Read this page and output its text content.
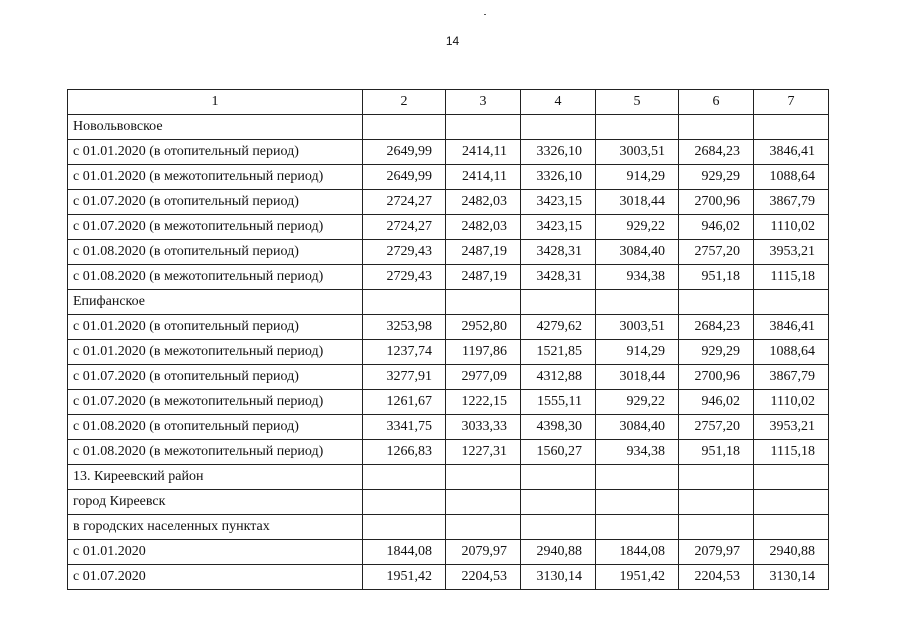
14
1	2	3	4	5	6	7
Новольвовское						
с 01.01.2020 (в отопительный период)	2649,99	2414,11	3326,10	3003,51	2684,23	3846,41
с 01.01.2020 (в межотопительный период)	2649,99	2414,11	3326,10	914,29	929,29	1088,64
с 01.07.2020 (в отопительный период)	2724,27	2482,03	3423,15	3018,44	2700,96	3867,79
с 01.07.2020 (в межотопительный период)	2724,27	2482,03	3423,15	929,22	946,02	1110,02
с 01.08.2020 (в отопительный период)	2729,43	2487,19	3428,31	3084,40	2757,20	3953,21
с 01.08.2020 (в межотопительный период)	2729,43	2487,19	3428,31	934,38	951,18	1115,18
Епифанское						
с 01.01.2020 (в отопительный период)	3253,98	2952,80	4279,62	3003,51	2684,23	3846,41
с 01.01.2020 (в межотопительный период)	1237,74	1197,86	1521,85	914,29	929,29	1088,64
с 01.07.2020 (в отопительный период)	3277,91	2977,09	4312,88	3018,44	2700,96	3867,79
с 01.07.2020 (в межотопительный период)	1261,67	1222,15	1555,11	929,22	946,02	1110,02
с 01.08.2020 (в отопительный период)	3341,75	3033,33	4398,30	3084,40	2757,20	3953,21
с 01.08.2020 (в межотопительный период)	1266,83	1227,31	1560,27	934,38	951,18	1115,18
13. Киреевский район						
город Киреевск						
в городских населенных пунктах						
с 01.01.2020	1844,08	2079,97	2940,88	1844,08	2079,97	2940,88
с 01.07.2020	1951,42	2204,53	3130,14	1951,42	2204,53	3130,14
